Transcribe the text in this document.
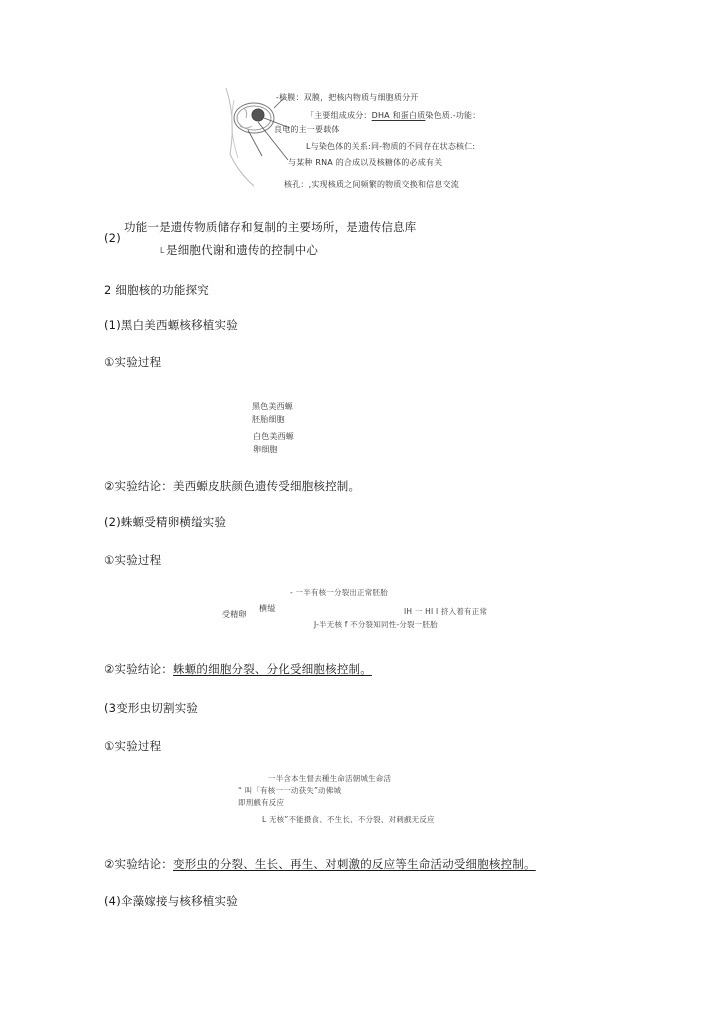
-核膜：双膜，把核内物质与细胞质分开
「主要组成成分：DHA 和蛋白质染色质.-功能：
良电的主一要载体
L与染色体的关系:同-物质的不同存在状态核仁:
与某种 RNA 的合成以及核糖体的必成有关
核孔：,实现核质之间频繁的物质交换和信息交流
(2)
功能一是遗传物质储存和复制的主要场所，是遗传信息库
L 是细胞代谢和遗传的控制中心
2 细胞核的功能探究
(1)黑白美西螈核移植实验
①实验过程
黑色美西螈
胚胎细胞
白色美西螈
卵细胞
②实验结论：美西螈皮肤颜色遗传受细胞核控制。
(2)蛛螈受精卵横缢实验
①实验过程
- 一半有核一分裂出正常胚胎
受精卵
横缢	IH 一 HI I 挤入着有正常
J-半无核 f 不分裂知同性-分裂一胚胎
②实验结论：蛛螈的细胞分裂、分化受细胞核控制。
(3变形虫切割实验
①实验过程
一半含本生督去種生命活朝城生命活
“ 叫「有核一一动获失”动佛城
即刑戲有反应
L 无核”不能摄食、不生长、不分裂、对刺戲无反应
②实验结论：变形虫的分裂、生长、再生、对刺激的反应等生命活动受细胞核控制。
(4)伞藻嫁接与核移植实验
